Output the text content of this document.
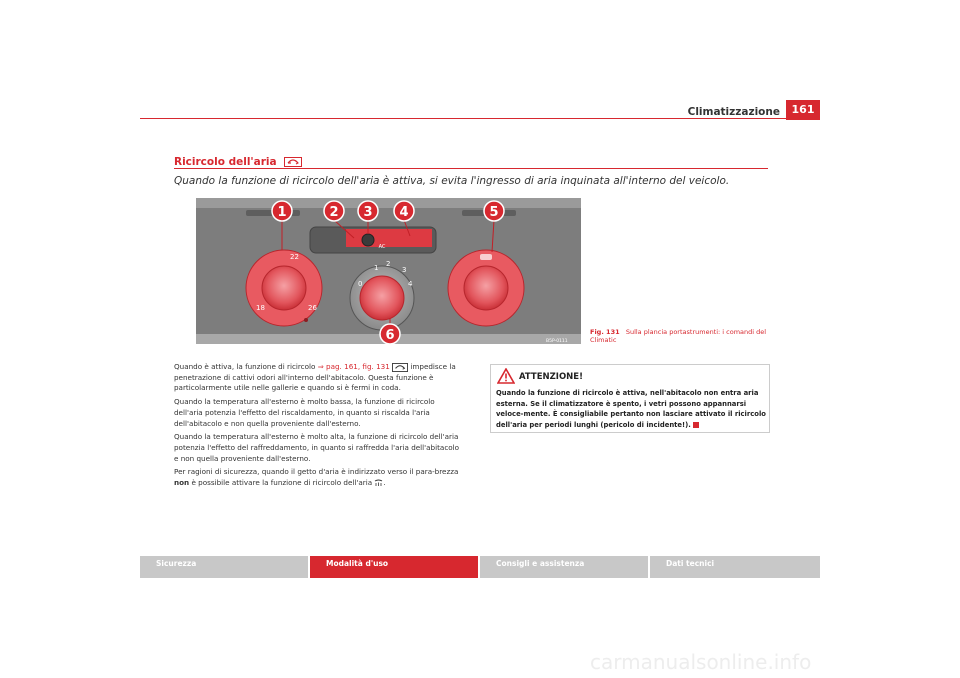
Climatizzazione	161
Ricircolo dell'aria
Quando la funzione di ricircolo dell'aria è attiva, si evita l'ingresso di aria inquinata all'interno del veicolo.
AC
22
18	26
0
1 2
3
4
1	2 3 4	5
6	B5P-0111
Fig. 131 Sulla plancia portastrumenti: i comandi del Climatic

Quando è attiva, la funzione di ricircolo ⇒ pag. 161, fig. 131	impedisce la penetrazione di cattivi odori all'interno dell'abitacolo. Questa funzione è particolarmente utile nelle gallerie e quando si è fermi in coda.

Quando la temperatura all'esterno è molto bassa, la funzione di ricircolo dell'aria potenzia l'effetto del riscaldamento, in quanto si riscalda l'aria dell'abitacolo e non quella proveniente dall'esterno.

Quando la temperatura all'esterno è molto alta, la funzione di ricircolo dell'aria potenzia l'effetto del raffreddamento, in quanto si raffredda l'aria dell'abitacolo e non quella proveniente dall'esterno.

Per ragioni di sicurezza, quando il getto d'aria è indirizzato verso il para-brezza non è possibile attivare la funzione di ricircolo dell'aria .

ATTENZIONE!
Quando la funzione di ricircolo è attiva, nell'abitacolo non entra aria esterna. Se il climatizzatore è spento, i vetri possono appannarsi veloce-mente. È consigliabile pertanto non lasciare attivato il ricircolo dell'aria per periodi lunghi (pericolo di incidente!).
Sicurezza	Modalità d'uso	Consigli e assistenza	Dati tecnici
carmanualsonline.info
